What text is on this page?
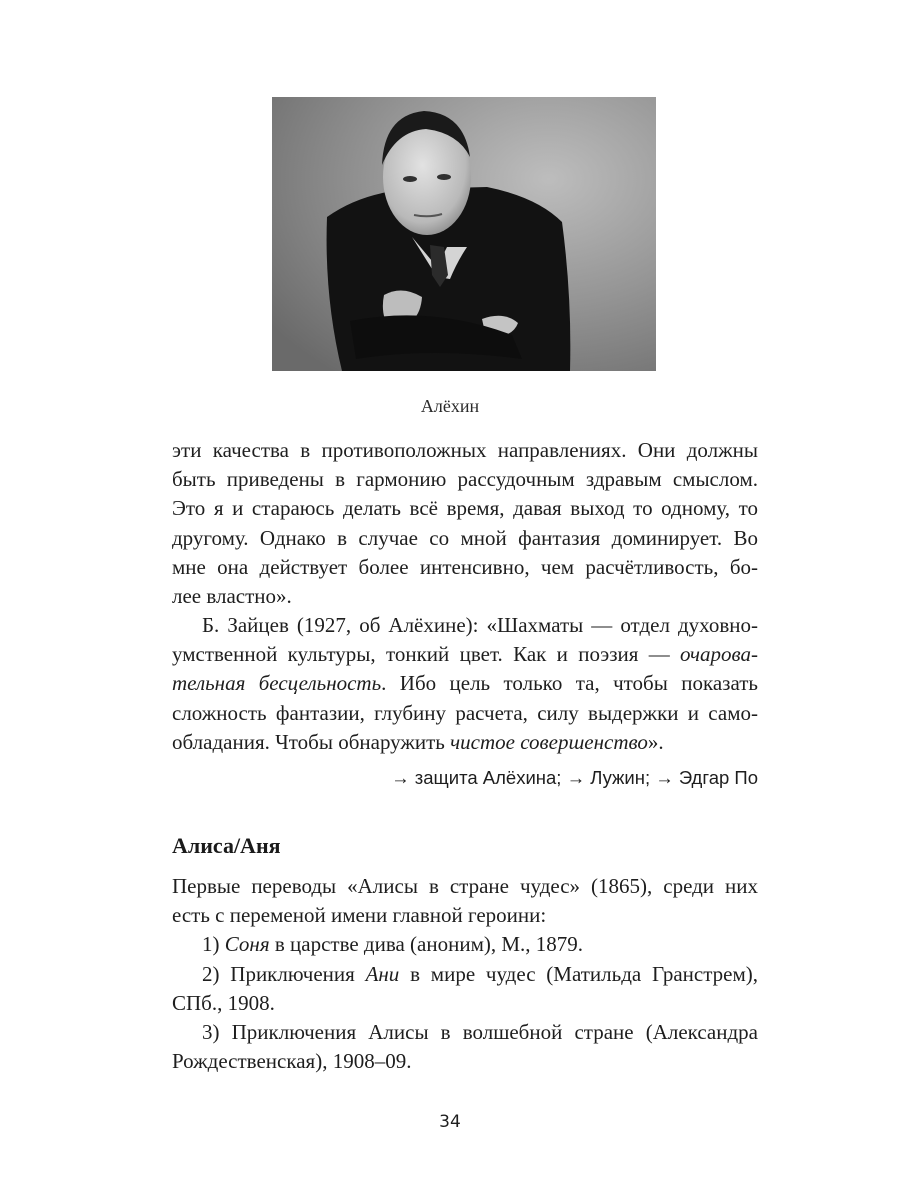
Алёхин
эти качества в противоположных направлениях. Они должны
быть приведены в гармонию рассудочным здравым смыслом.
Это я и стараюсь делать всё время, давая выход то одному, то
другому. Однако в случае со мной фантазия доминирует. Во
мне она действует более интенсивно, чем расчётливость, бо-
лее властно».
Б. Зайцев (1927, об Алёхине): «Шахматы — отдел духовно-
умственной культуры, тонкий цвет. Как и поэзия — очарова-
тельная бесцельность. Ибо цель только та, чтобы показать
сложность фантазии, глубину расчета, силу выдержки и само-
обладания. Чтобы обнаружить чистое совершенство».
→ защита Алёхина; → Лужин; → Эдгар По
Алиса/Аня
Первые переводы «Алисы в стране чудес» (1865), среди них
есть с переменой имени главной героини:
1) Соня в царстве дива (аноним), М., 1879.
2) Приключения Ани в мире чудес (Матильда Гранстрем),
СПб., 1908.
3) Приключения Алисы в волшебной стране (Александра
Рождественская), 1908–09.
34
